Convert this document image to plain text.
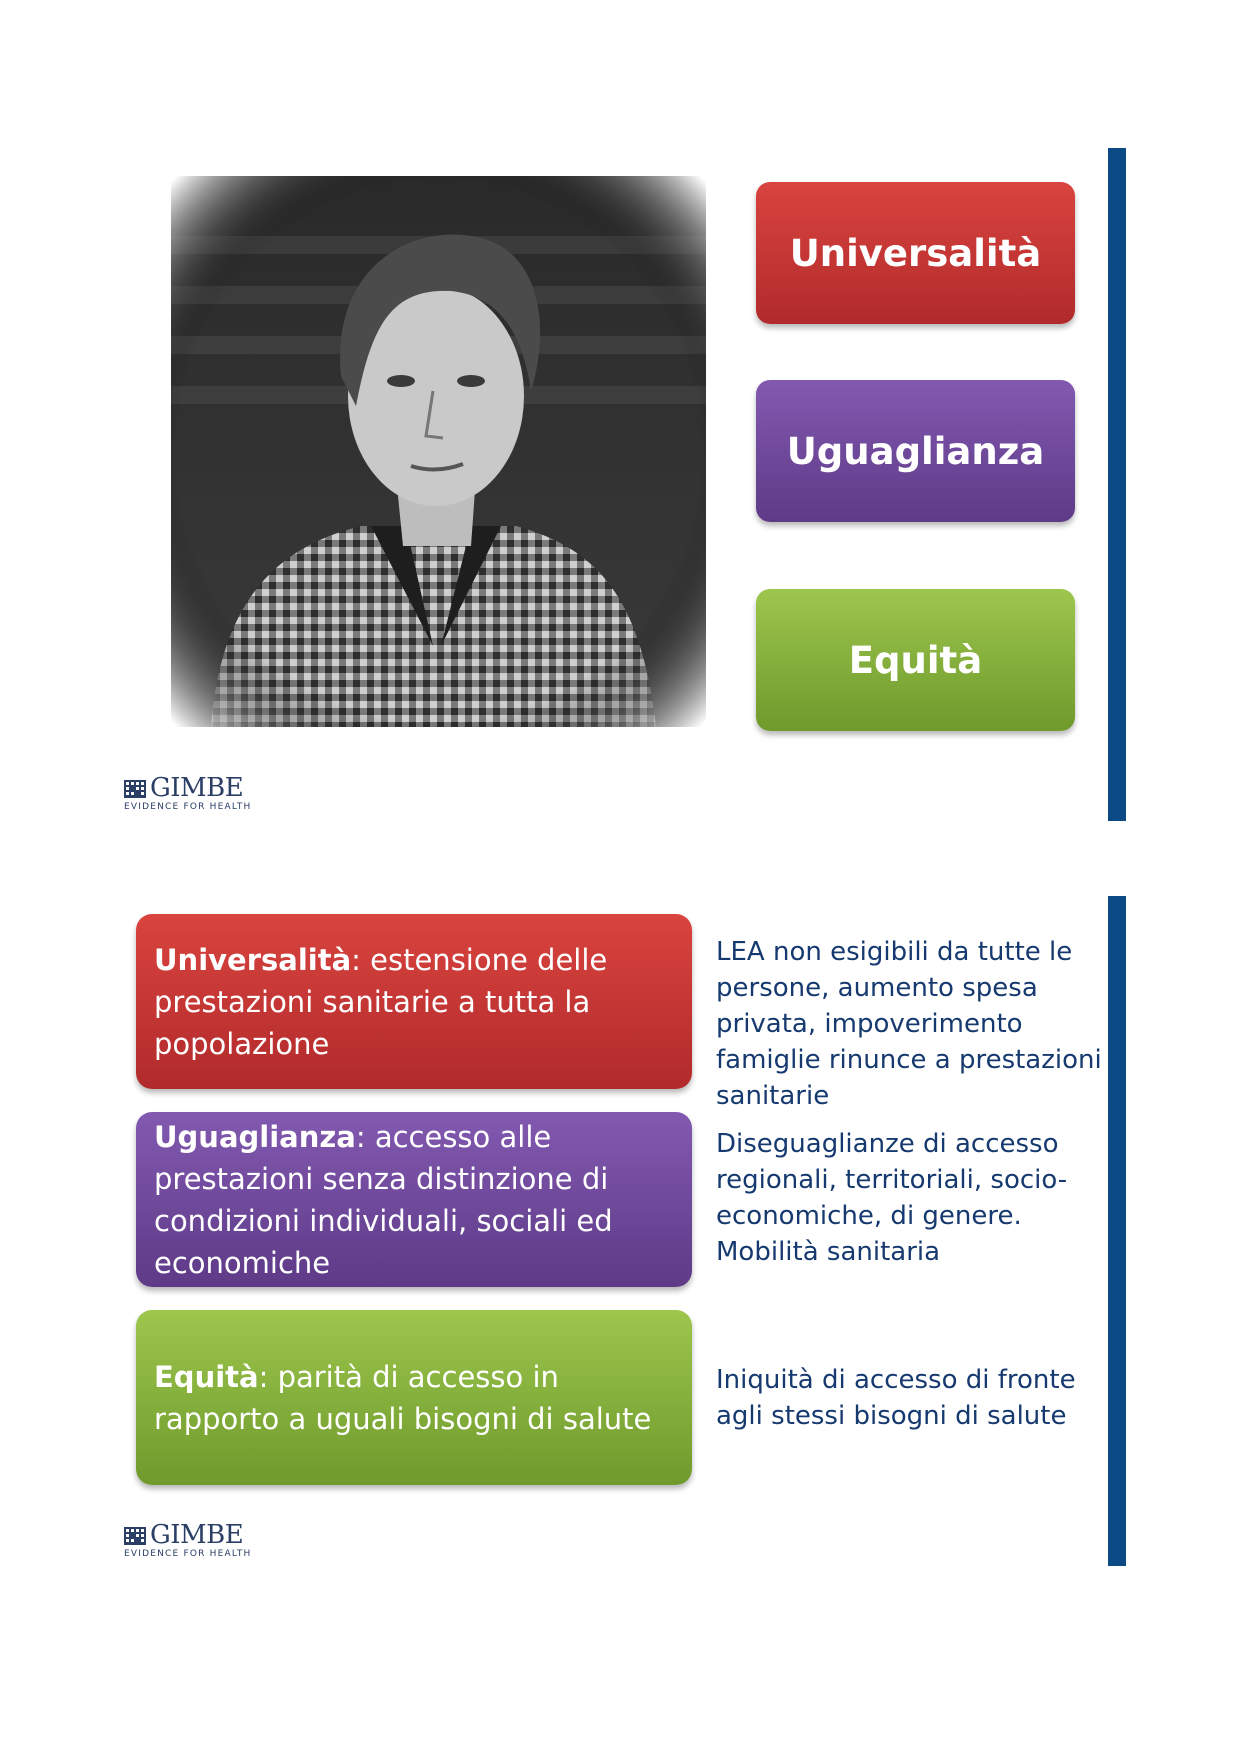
Universalità
Uguaglianza
Equità
GIMBE
EVIDENCE FOR HEALTH
Universalità: estensione delle prestazioni sanitarie a tutta la popolazione
LEA non esigibili da tutte le persone, aumento spesa privata, impoverimento famiglie rinunce a prestazioni sanitarie
Uguaglianza: accesso alle prestazioni senza distinzione di condizioni individuali, sociali ed economiche
Diseguaglianze di accesso regionali, territoriali, socio-economiche, di genere. Mobilità sanitaria
Equità: parità di accesso in rapporto a uguali bisogni di salute
Iniquità di accesso di fronte agli stessi bisogni di salute
GIMBE
EVIDENCE FOR HEALTH
